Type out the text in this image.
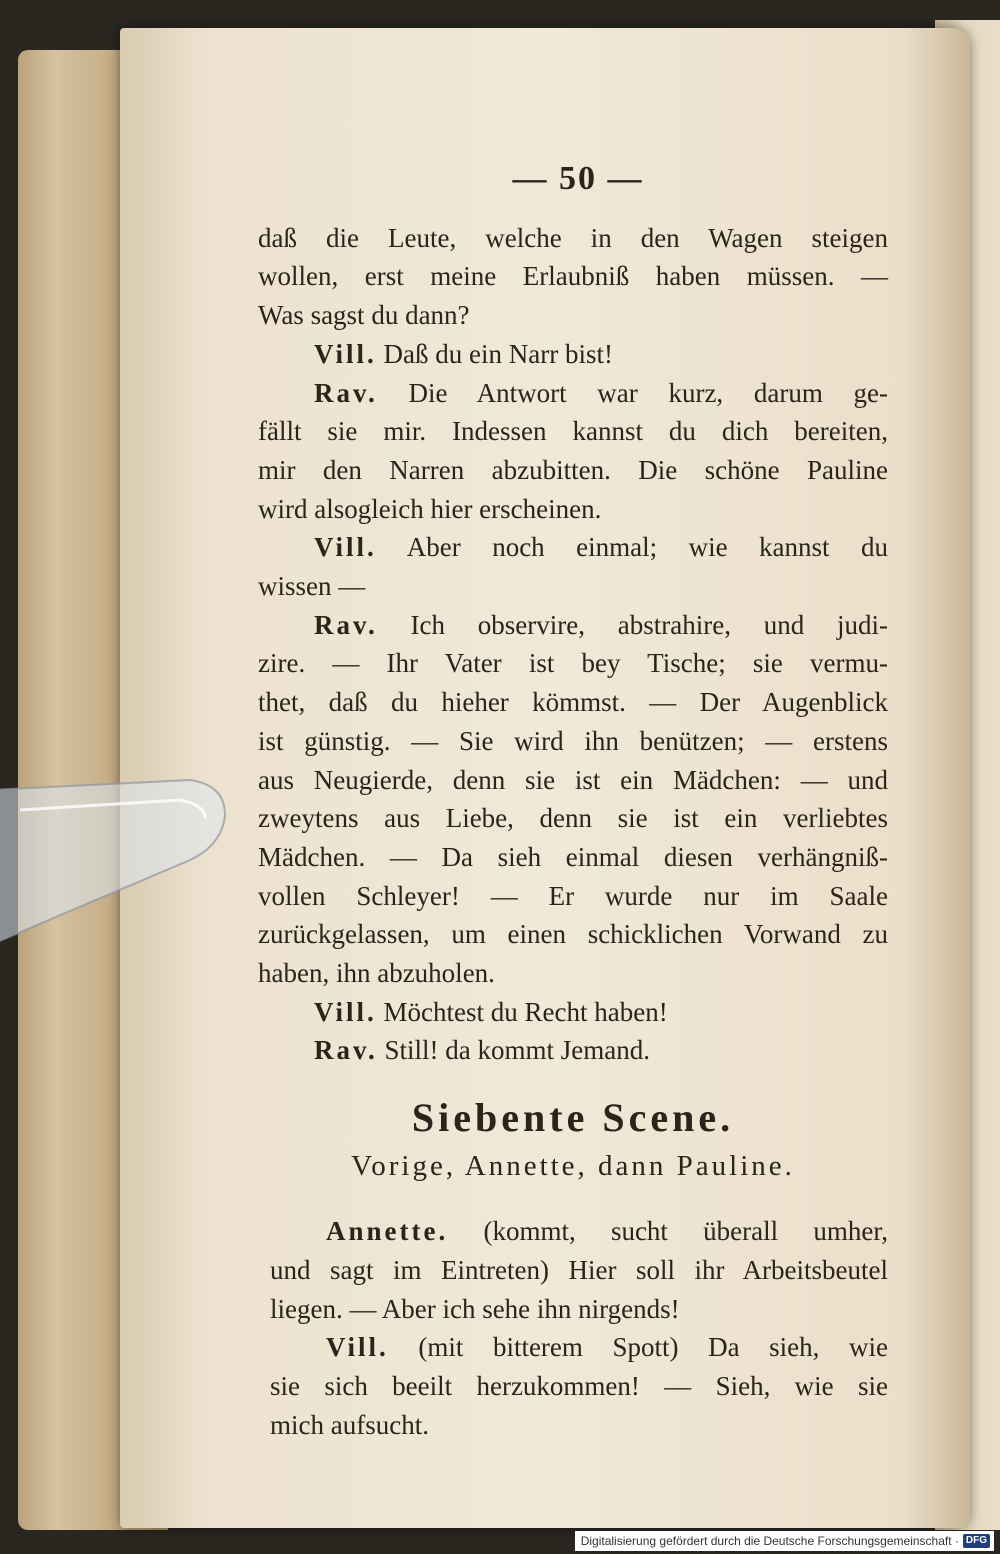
— 50 —
daß die Leute, welche in den Wagen steigen
wollen, erst meine Erlaubniß haben müssen. —
Was sagst du dann?
Vill. Daß du ein Narr bist!
Rav. Die Antwort war kurz, darum ge-
fällt sie mir. Indessen kannst du dich bereiten,
mir den Narren abzubitten. Die schöne Pauline
wird alsogleich hier erscheinen.
Vill. Aber noch einmal; wie kannst du
wissen —
Rav. Ich observire, abstrahire, und judi-
zire. — Ihr Vater ist bey Tische; sie vermu-
thet, daß du hieher kömmst. — Der Augenblick
ist günstig. — Sie wird ihn benützen; — erstens
aus Neugierde, denn sie ist ein Mädchen: — und
zweytens aus Liebe, denn sie ist ein verliebtes
Mädchen. — Da sieh einmal diesen verhängniß-
vollen Schleyer! — Er wurde nur im Saale
zurückgelassen, um einen schicklichen Vorwand zu
haben, ihn abzuholen.
Vill. Möchtest du Recht haben!
Rav. Still! da kommt Jemand.
Siebente Scene.
Vorige, Annette, dann Pauline.
Annette. (kommt, sucht überall umher,
und sagt im Eintreten) Hier soll ihr Arbeitsbeutel
liegen. — Aber ich sehe ihn nirgends!
Vill. (mit bitterem Spott) Da sieh, wie
sie sich beeilt herzukommen! — Sieh, wie sie
mich aufsucht.
Digitalisierung gefördert durch die Deutsche Forschungsgemeinschaft · DFG
